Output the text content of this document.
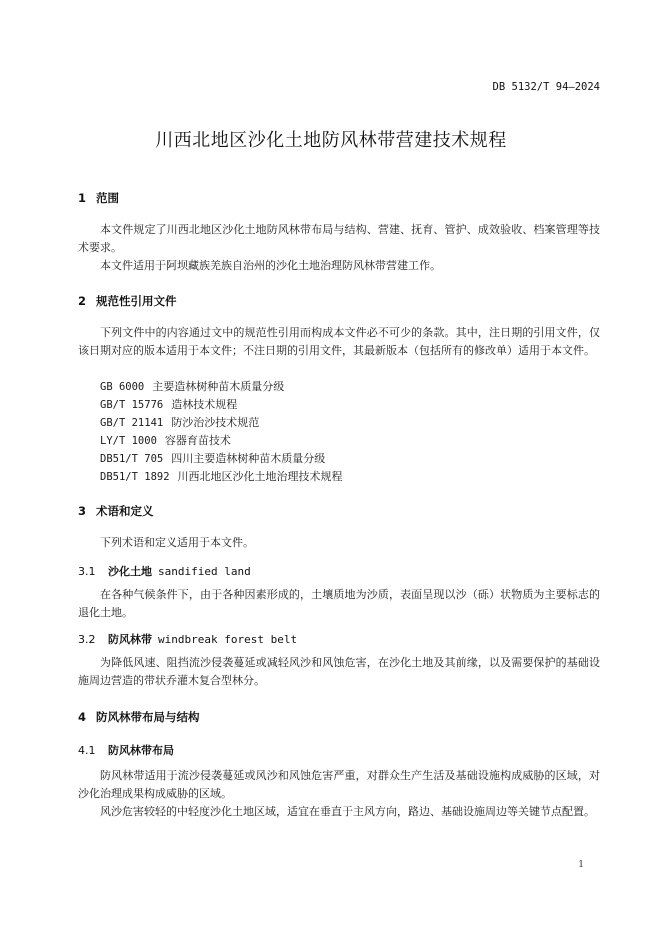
DB 5132/T 94—2024
川西北地区沙化土地防风林带营建技术规程
1 范围
本文件规定了川西北地区沙化土地防风林带布局与结构、营建、抚育、管护、成效验收、档案管理等技术要求。
本文件适用于阿坝藏族羌族自治州的沙化土地治理防风林带营建工作。
2 规范性引用文件
下列文件中的内容通过文中的规范性引用而构成本文件必不可少的条款。其中，注日期的引用文件，仅该日期对应的版本适用于本文件；不注日期的引用文件，其最新版本（包括所有的修改单）适用于本文件。
GB 6000 主要造林树种苗木质量分级
GB/T 15776 造林技术规程
GB/T 21141 防沙治沙技术规范
LY/T 1000 容器育苗技术
DB51/T 705 四川主要造林树种苗木质量分级
DB51/T 1892 川西北地区沙化土地治理技术规程
3 术语和定义
下列术语和定义适用于本文件。
3.1 沙化土地 sandified land
在各种气候条件下，由于各种因素形成的，土壤质地为沙质，表面呈现以沙（砾）状物质为主要标志的退化土地。
3.2 防风林带 windbreak forest belt
为降低风速、阻挡流沙侵袭蔓延或减轻风沙和风蚀危害，在沙化土地及其前缘，以及需要保护的基础设施周边营造的带状乔灌木复合型林分。
4 防风林带布局与结构
4.1 防风林带布局
防风林带适用于流沙侵袭蔓延或风沙和风蚀危害严重，对群众生产生活及基础设施构成威胁的区域，对沙化治理成果构成威胁的区域。
风沙危害较轻的中轻度沙化土地区域，适宜在垂直于主风方向，路边、基础设施周边等关键节点配置。
1
